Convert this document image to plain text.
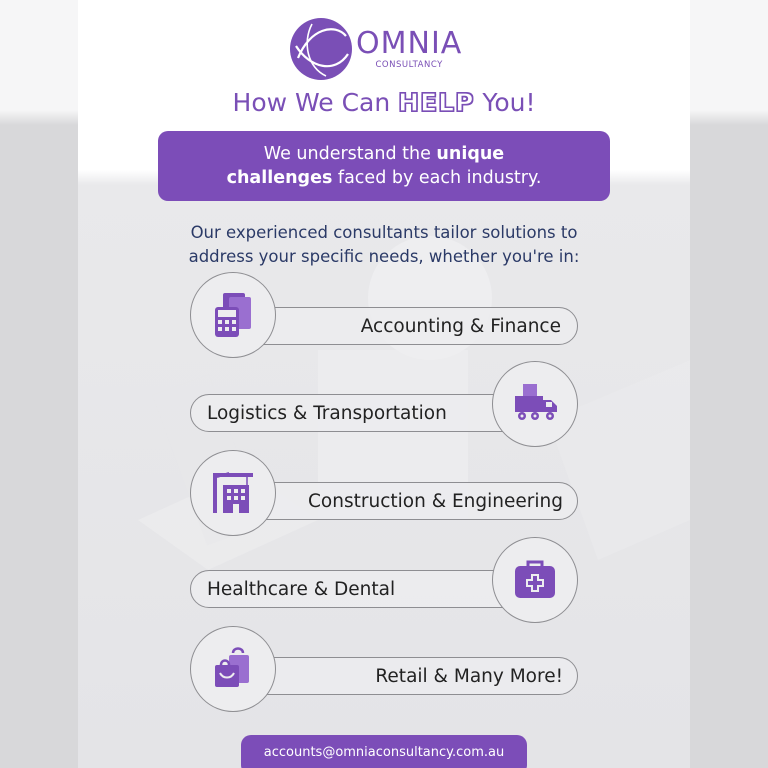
OMNIA
CONSULTANCY
How We Can HELP You!
We understand the unique
challenges faced by each industry.
Our experienced consultants tailor solutions to
address your specific needs, whether you're in:
Accounting & Finance
Logistics & Transportation
Construction & Engineering
Healthcare & Dental
Retail & Many More!
accounts@omniaconsultancy.com.au
